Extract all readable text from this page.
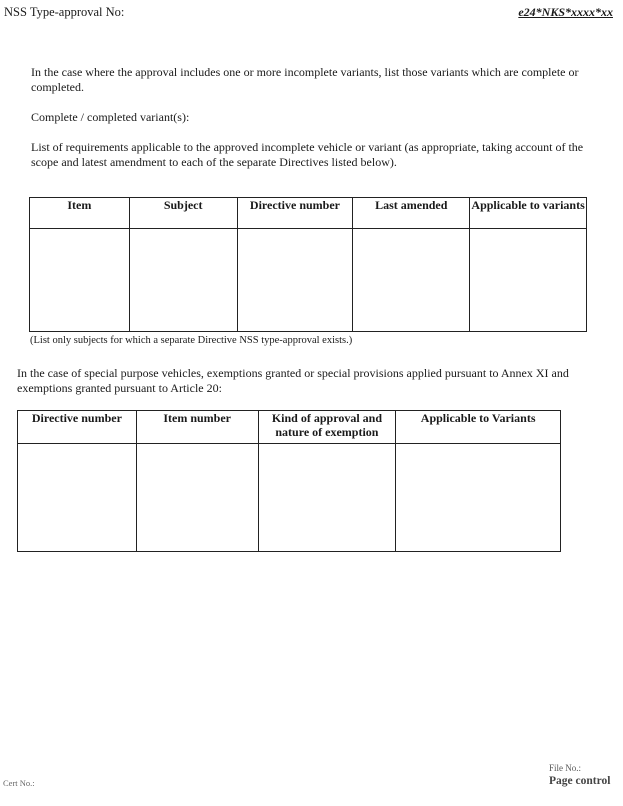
NSS Type-approval No:	e24*NKS*xxxx*xx
In the case where the approval includes one or more incomplete variants, list those variants which are complete or completed.
Complete / completed variant(s):
List of requirements applicable to the approved incomplete vehicle or variant (as appropriate, taking account of the scope and latest amendment to each of the separate Directives listed below).
Item	Subject	Directive number	Last amended	Applicable to variants

(List only subjects for which a separate Directive NSS type-approval exists.)
In the case of special purpose vehicles, exemptions granted or special provisions applied pursuant to Annex XI and exemptions granted pursuant to Article 20:
Directive number	Item number	Kind of approval and nature of exemption	Applicable to Variants

Cert No.:
File No.:
Page control
